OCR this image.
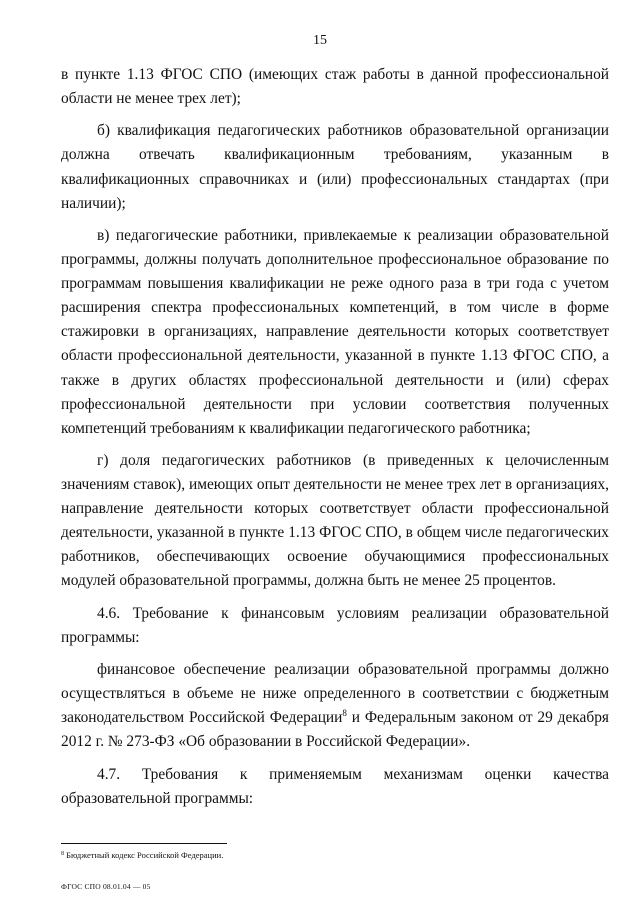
15

в пункте 1.13 ФГОС СПО (имеющих стаж работы в данной профессиональной области не менее трех лет);

б) квалификация педагогических работников образовательной организации должна отвечать квалификационным требованиям, указанным в квалификационных справочниках и (или) профессиональных стандартах (при наличии);

в) педагогические работники, привлекаемые к реализации образовательной программы, должны получать дополнительное профессиональное образование по программам повышения квалификации не реже одного раза в три года с учетом расширения спектра профессиональных компетенций, в том числе в форме стажировки в организациях, направление деятельности которых соответствует области профессиональной деятельности, указанной в пункте 1.13 ФГОС СПО, а также в других областях профессиональной деятельности и (или) сферах профессиональной деятельности при условии соответствия полученных компетенций требованиям к квалификации педагогического работника;

г) доля педагогических работников (в приведенных к целочисленным значениям ставок), имеющих опыт деятельности не менее трех лет в организациях, направление деятельности которых соответствует области профессиональной деятельности, указанной в пункте 1.13 ФГОС СПО, в общем числе педагогических работников, обеспечивающих освоение обучающимися профессиональных модулей образовательной программы, должна быть не менее 25 процентов.

4.6. Требование к финансовым условиям реализации образовательной программы:

финансовое обеспечение реализации образовательной программы должно осуществляться в объеме не ниже определенного в соответствии с бюджетным законодательством Российской Федерации$^8$ и Федеральным законом от 29 декабря 2012 г. № 273-ФЗ «Об образовании в Российской Федерации».

4.7. Требования к применяемым механизмам оценки качества образовательной программы:

$^8$ Бюджетный кодекс Российской Федерации.
ФГОС СПО 08.01.04 — 05
